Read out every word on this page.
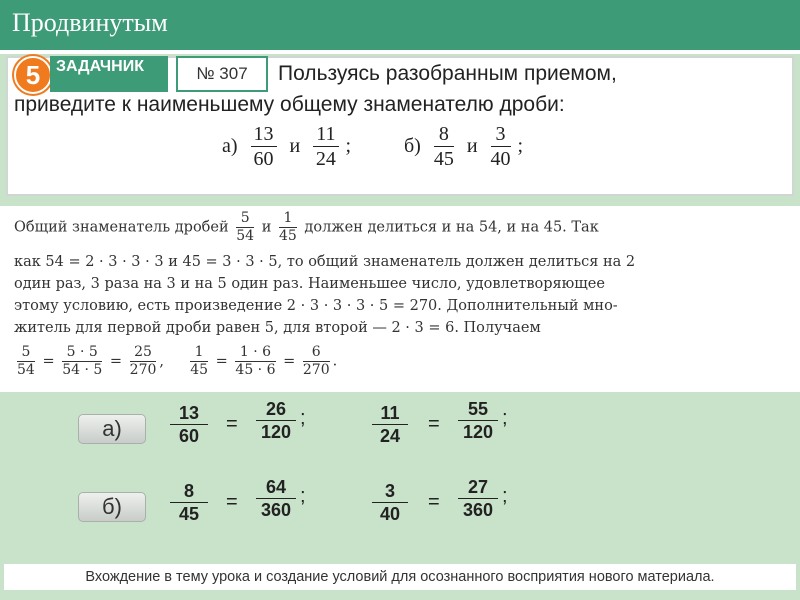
Продвинутым
5 ЗАДАЧНИК	№ 307	Пользуясь разобранным приемом,
приведите к наименьшему общему знаменателю дроби:
$а) \frac{13}{60}$ и $\frac{11}{24}$ ;	$б) \frac{8}{45}$ и $\frac{3}{40}$ ;
Общий знаменатель дробей $\frac{5}{54}$ и $\frac{1}{45}$ должен делиться и на 54, и на 45. Так
как 54 = 2 · 3 · 3 · 3 и 45 = 3 · 3 · 5, то общий знаменатель должен делиться на 2
один раз, 3 раза на 3 и на 5 один раз. Наименьшее число, удовлетворяющее
этому условию, есть произведение 2 · 3 · 3 · 3 · 5 = 270. Дополнительный мно-
житель для первой дроби равен 5, для второй — 2 · 3 = 6. Получаем
$\frac{5}{54} = \frac{5 \cdot 5}{54 \cdot 5} = \frac{25}{270}$ , $\frac{1}{45} = \frac{1 \cdot 6}{45 \cdot 6} = \frac{6}{270}$ .
а)
13
60
=
26
120
;	11
24
=
55
120
;
б)
8
45
=
64
360
;	3
40
=
27
360
;
Вхождение в тему урока и создание условий для осознанного восприятия нового материала.
